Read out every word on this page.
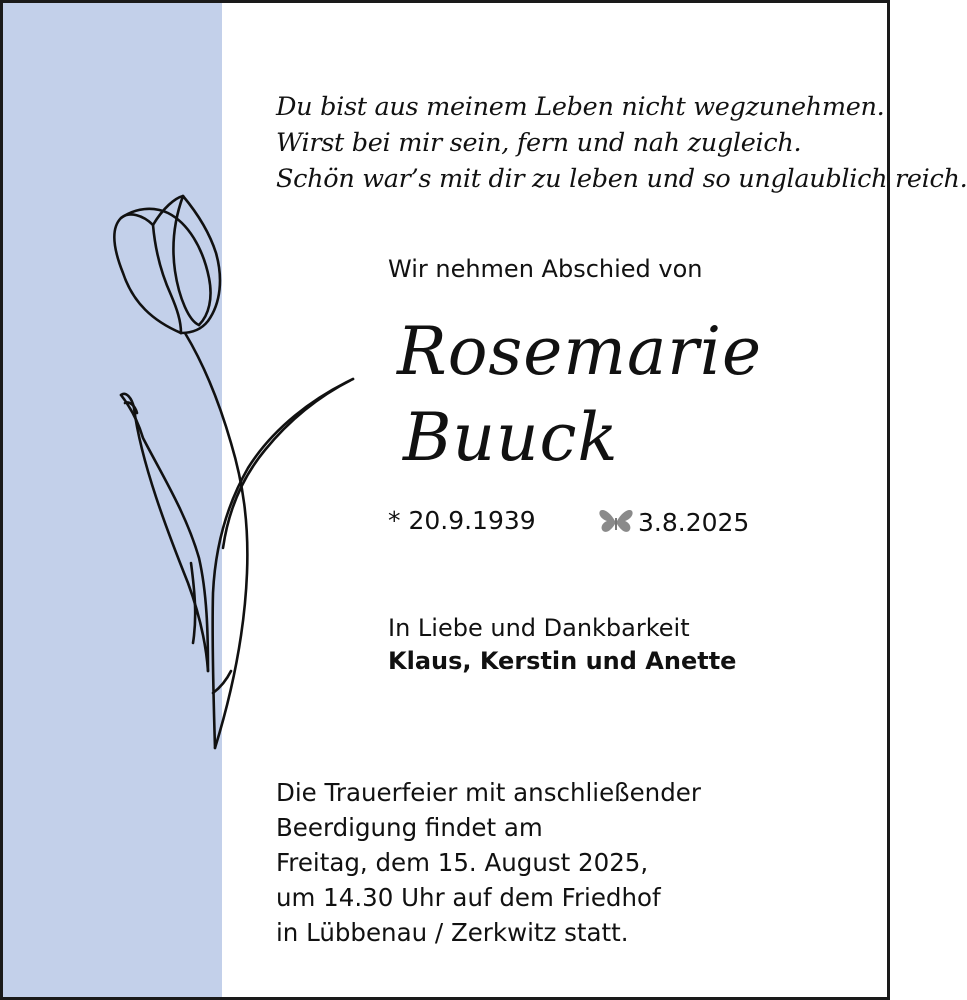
Du bist aus meinem Leben nicht wegzunehmen.
Wirst bei mir sein, fern und nah zugleich.
Schön war’s mit dir zu leben und so unglaublich reich.
Wir nehmen Abschied von
Rosemarie
Buuck
* 20.9.1939	3.8.2025
In Liebe und Dankbarkeit
Klaus, Kerstin und Anette
Die Trauerfeier mit anschließender
Beerdigung findet am
Freitag, dem 15. August 2025,
um 14.30 Uhr auf dem Friedhof
in Lübbenau / Zerkwitz statt.
